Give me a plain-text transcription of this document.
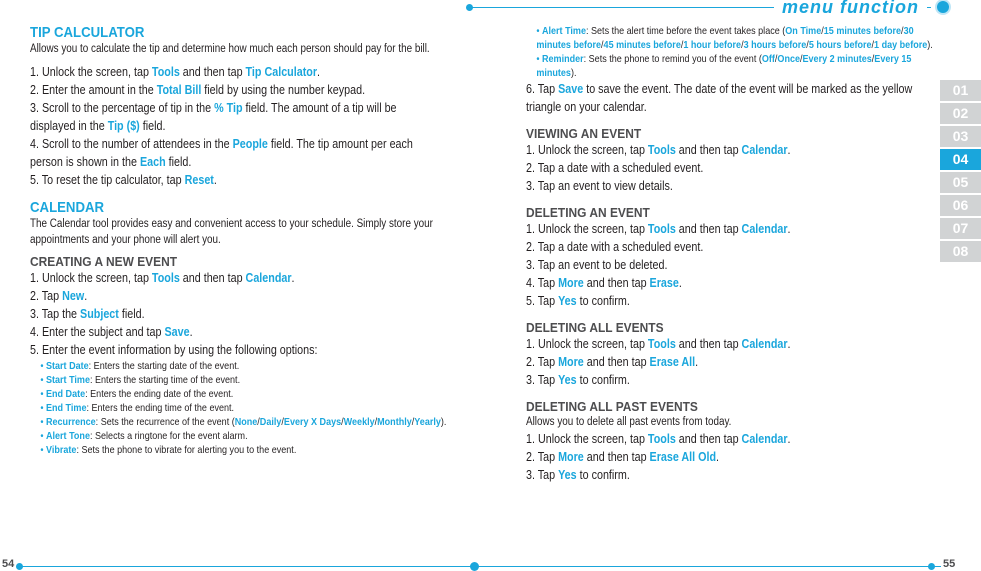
menu function
01
02
03
04
05
06
07
08
TIP CALCULATOR

Allows you to calculate the tip and determine how much each person should pay for the bill.

1. Unlock the screen, tap Tools and then tap Tip Calculator.

2. Enter the amount in the Total Bill field by using the number keypad.

3. Scroll to the percentage of tip in the % Tip field. The amount of a tip will be displayed in the Tip ($) field.

4. Scroll to the number of attendees in the People field. The tip amount per each person is shown in the Each field.

5. To reset the tip calculator, tap Reset.

CALENDAR

The Calendar tool provides easy and convenient access to your schedule. Simply store your appointments and your phone will alert you.

CREATING A NEW EVENT

1. Unlock the screen, tap Tools and then tap Calendar.

2. Tap New.

3. Tap the Subject field.

4. Enter the subject and tap Save.

5. Enter the event information by using the following options:

• Start Date: Enters the starting date of the event.

• Start Time: Enters the starting time of the event.

• End Date: Enters the ending date of the event.

• End Time: Enters the ending time of the event.

• Recurrence: Sets the recurrence of the event (None/Daily/Every X Days/Weekly/Monthly/Yearly).

• Alert Tone: Selects a ringtone for the event alarm.

• Vibrate: Sets the phone to vibrate for alerting you to the event.

• Alert Time: Sets the alert time before the event takes place (On Time/15 minutes before/30 minutes before/45 minutes before/1 hour before/3 hours before/5 hours before/1 day before).

• Reminder: Sets the phone to remind you of the event (Off/Once/Every 2 minutes/Every 15 minutes).

6. Tap Save to save the event. The date of the event will be marked as the yellow triangle on your calendar.

VIEWING AN EVENT

1. Unlock the screen, tap Tools and then tap Calendar.

2. Tap a date with a scheduled event.

3. Tap an event to view details.

DELETING AN EVENT

1. Unlock the screen, tap Tools and then tap Calendar.

2. Tap a date with a scheduled event.

3. Tap an event to be deleted.

4. Tap More and then tap Erase.

5. Tap Yes to confirm.

DELETING ALL EVENTS

1. Unlock the screen, tap Tools and then tap Calendar.

2. Tap More and then tap Erase All.

3. Tap Yes to confirm.

DELETING ALL PAST EVENTS

Allows you to delete all past events from today.

1. Unlock the screen, tap Tools and then tap Calendar.

2. Tap More and then tap Erase All Old.

3. Tap Yes to confirm.

54	55
